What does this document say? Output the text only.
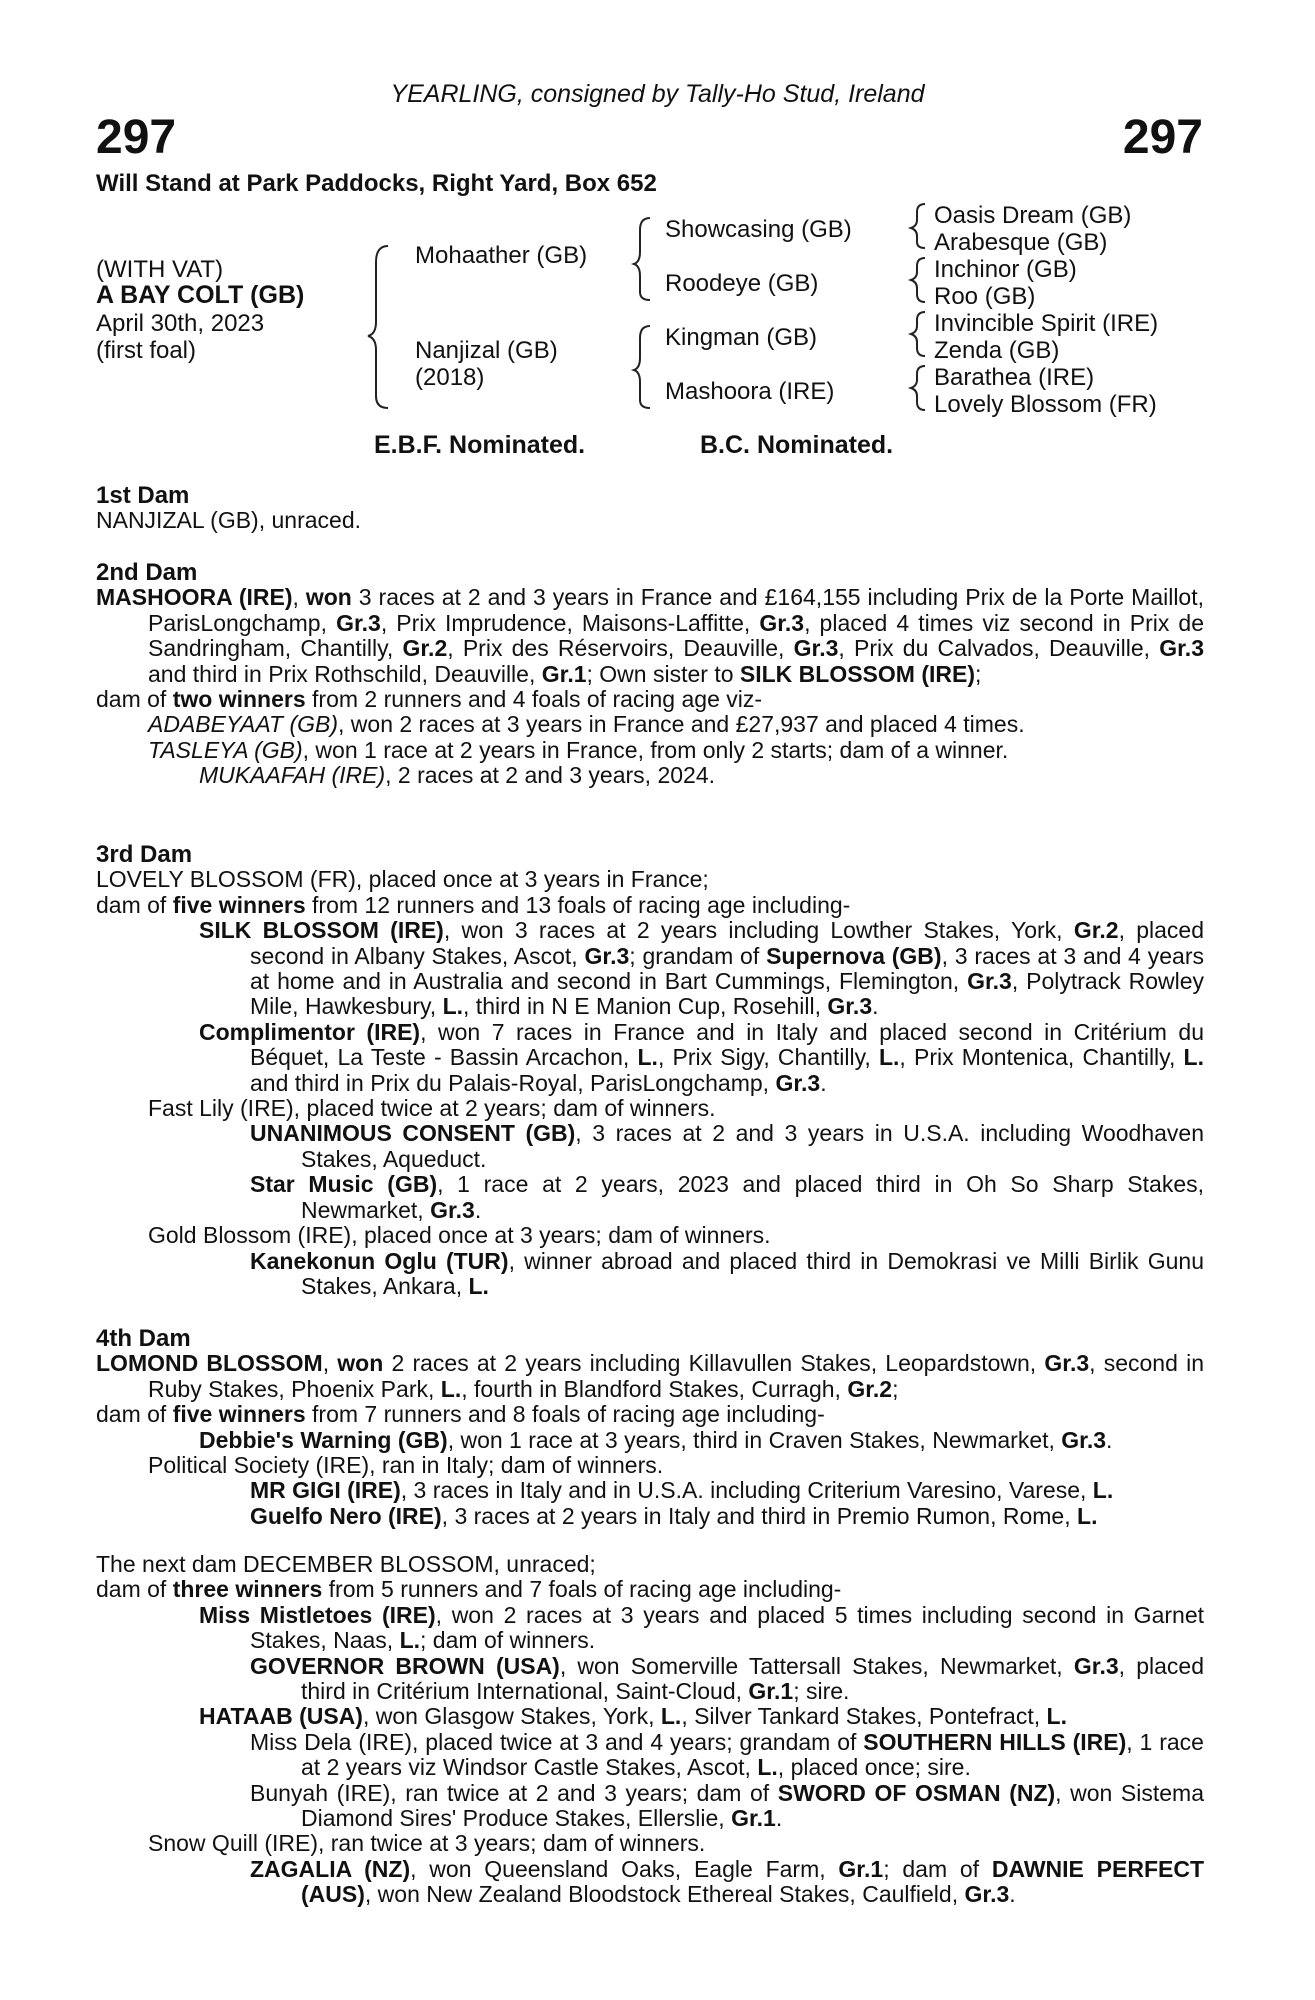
YEARLING, consigned by Tally-Ho Stud, Ireland
297	297
Will Stand at Park Paddocks, Right Yard, Box 652
(WITH VAT)
A BAY COLT (GB)
April 30th, 2023
(first foal)
Mohaather (GB)
Nanjizal (GB)
(2018)
Showcasing (GB)
Roodeye (GB)
Kingman (GB)
Mashoora (IRE)
Oasis Dream (GB)
Arabesque (GB)
Inchinor (GB)
Roo (GB)
Invincible Spirit (IRE)
Zenda (GB)
Barathea (IRE)
Lovely Blossom (FR)
E.B.F. Nominated.	B.C. Nominated.

1st Dam

NANJIZAL (GB), unraced.

2nd Dam

MASHOORA (IRE), won 3 races at 2 and 3 years in France and £164,155 including Prix de la Porte Maillot, ParisLongchamp, Gr.3, Prix Imprudence, Maisons-Laffitte, Gr.3, placed 4 times viz second in Prix de Sandringham, Chantilly, Gr.2, Prix des Réservoirs, Deauville, Gr.3, Prix du Calvados, Deauville, Gr.3 and third in Prix Rothschild, Deauville, Gr.1; Own sister to SILK BLOSSOM (IRE);

dam of two winners from 2 runners and 4 foals of racing age viz-

ADABEYAAT (GB), won 2 races at 3 years in France and £27,937 and placed 4 times.

TASLEYA (GB), won 1 race at 2 years in France, from only 2 starts; dam of a winner.

MUKAAFAH (IRE), 2 races at 2 and 3 years, 2024.

3rd Dam

LOVELY BLOSSOM (FR), placed once at 3 years in France;

dam of five winners from 12 runners and 13 foals of racing age including-

SILK BLOSSOM (IRE), won 3 races at 2 years including Lowther Stakes, York, Gr.2, placed second in Albany Stakes, Ascot, Gr.3; grandam of Supernova (GB), 3 races at 3 and 4 years at home and in Australia and second in Bart Cummings, Flemington, Gr.3, Polytrack Rowley Mile, Hawkesbury, L., third in N E Manion Cup, Rosehill, Gr.3.

Complimentor (IRE), won 7 races in France and in Italy and placed second in Critérium du Béquet, La Teste - Bassin Arcachon, L., Prix Sigy, Chantilly, L., Prix Montenica, Chantilly, L. and third in Prix du Palais-Royal, ParisLongchamp, Gr.3.

Fast Lily (IRE), placed twice at 2 years; dam of winners.

UNANIMOUS CONSENT (GB), 3 races at 2 and 3 years in U.S.A. including Woodhaven Stakes, Aqueduct.

Star Music (GB), 1 race at 2 years, 2023 and placed third in Oh So Sharp Stakes, Newmarket, Gr.3.

Gold Blossom (IRE), placed once at 3 years; dam of winners.

Kanekonun Oglu (TUR), winner abroad and placed third in Demokrasi ve Milli Birlik Gunu Stakes, Ankara, L.

4th Dam

LOMOND BLOSSOM, won 2 races at 2 years including Killavullen Stakes, Leopardstown, Gr.3, second in Ruby Stakes, Phoenix Park, L., fourth in Blandford Stakes, Curragh, Gr.2;

dam of five winners from 7 runners and 8 foals of racing age including-

Debbie's Warning (GB), won 1 race at 3 years, third in Craven Stakes, Newmarket, Gr.3.

Political Society (IRE), ran in Italy; dam of winners.

MR GIGI (IRE), 3 races in Italy and in U.S.A. including Criterium Varesino, Varese, L.

Guelfo Nero (IRE), 3 races at 2 years in Italy and third in Premio Rumon, Rome, L.

The next dam DECEMBER BLOSSOM, unraced;

dam of three winners from 5 runners and 7 foals of racing age including-

Miss Mistletoes (IRE), won 2 races at 3 years and placed 5 times including second in Garnet Stakes, Naas, L.; dam of winners.

GOVERNOR BROWN (USA), won Somerville Tattersall Stakes, Newmarket, Gr.3, placed third in Critérium International, Saint-Cloud, Gr.1; sire.

HATAAB (USA), won Glasgow Stakes, York, L., Silver Tankard Stakes, Pontefract, L.

Miss Dela (IRE), placed twice at 3 and 4 years; grandam of SOUTHERN HILLS (IRE), 1 race at 2 years viz Windsor Castle Stakes, Ascot, L., placed once; sire.

Bunyah (IRE), ran twice at 2 and 3 years; dam of SWORD OF OSMAN (NZ), won Sistema Diamond Sires' Produce Stakes, Ellerslie, Gr.1.

Snow Quill (IRE), ran twice at 3 years; dam of winners.

ZAGALIA (NZ), won Queensland Oaks, Eagle Farm, Gr.1; dam of DAWNIE PERFECT (AUS), won New Zealand Bloodstock Ethereal Stakes, Caulfield, Gr.3.
